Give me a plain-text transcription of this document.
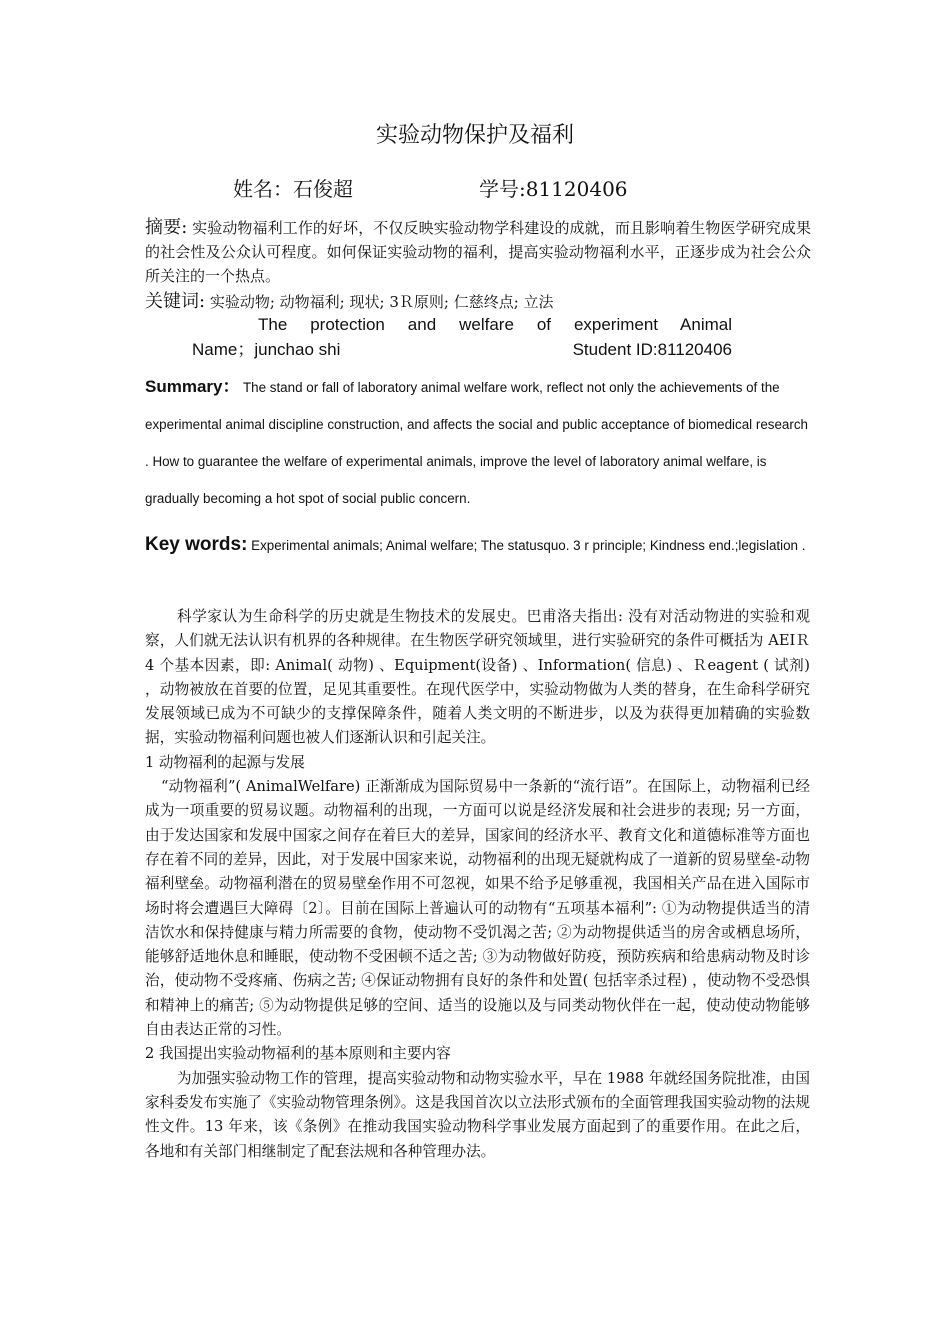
实验动物保护及福利
姓名：石俊超	学号:81120406
摘要: 实验动物福利工作的好坏，不仅反映实验动物学科建设的成就，而且影响着生物医学研究成果的社会性及公众认可程度。如何保证实验动物的福利，提高实验动物福利水平，正逐步成为社会公众所关注的一个热点。
关键词: 实验动物; 动物福利; 现状; 3Ｒ原则; 仁慈终点; 立法
The protection and welfare of experiment Animal
Name；junchao shi	Student ID:81120406
Summary： The stand or fall of laboratory animal welfare work, reflect not only the achievements of the experimental animal discipline construction, and affects the social and public acceptance of biomedical research . How to guarantee the welfare of experimental animals, improve the level of laboratory animal welfare, is gradually becoming a hot spot of social public concern.
Key words: Experimental animals; Animal welfare; The statusquo. 3 r principle; Kindness end.;legislation .

科学家认为生命科学的历史就是生物技术的发展史。巴甫洛夫指出: 没有对活动物进的实验和观察，人们就无法认识有机界的各种规律。在生物医学研究领域里，进行实验研究的条件可概括为 AEIＲ4 个基本因素，即: Animal( 动物) 、Equipment(设备) 、Information( 信息) 、Ｒeagent ( 试剂) ，动物被放在首要的位置，足见其重要性。在现代医学中，实验动物做为人类的替身，在生命科学研究发展领域已成为不可缺少的支撑保障条件，随着人类文明的不断进步，以及为获得更加精确的实验数据，实验动物福利问题也被人们逐渐认识和引起关注。

1 动物福利的起源与发展

“动物福利”( AnimalWelfare) 正渐渐成为国际贸易中一条新的“流行语”。在国际上，动物福利已经成为一项重要的贸易议题。动物福利的出现，一方面可以说是经济发展和社会进步的表现; 另一方面，由于发达国家和发展中国家之间存在着巨大的差异，国家间的经济水平、教育文化和道德标准等方面也存在着不同的差异，因此，对于发展中国家来说，动物福利的出现无疑就构成了一道新的贸易壁垒-动物福利壁垒。动物福利潜在的贸易壁垒作用不可忽视，如果不给予足够重视，我国相关产品在进入国际市场时将会遭遇巨大障碍〔2〕。目前在国际上普遍认可的动物有“五项基本福利”: ①为动物提供适当的清洁饮水和保持健康与精力所需要的食物，使动物不受饥渴之苦; ②为动物提供适当的房舍或栖息场所，能够舒适地休息和睡眠，使动物不受困顿不适之苦; ③为动物做好防疫，预防疾病和给患病动物及时诊治，使动物不受疼痛、伤病之苦; ④保证动物拥有良好的条件和处置( 包括宰杀过程) ，使动物不受恐惧和精神上的痛苦; ⑤为动物提供足够的空间、适当的设施以及与同类动物伙伴在一起，使动使动物能够自由表达正常的习性。

2 我国提出实验动物福利的基本原则和主要内容

为加强实验动物工作的管理，提高实验动物和动物实验水平，早在 1988 年就经国务院批准，由国家科委发布实施了《实验动物管理条例》。这是我国首次以立法形式颁布的全面管理我国实验动物的法规性文件。13 年来，该《条例》在推动我国实验动物科学事业发展方面起到了的重要作用。在此之后，各地和有关部门相继制定了配套法规和各种管理办法。
